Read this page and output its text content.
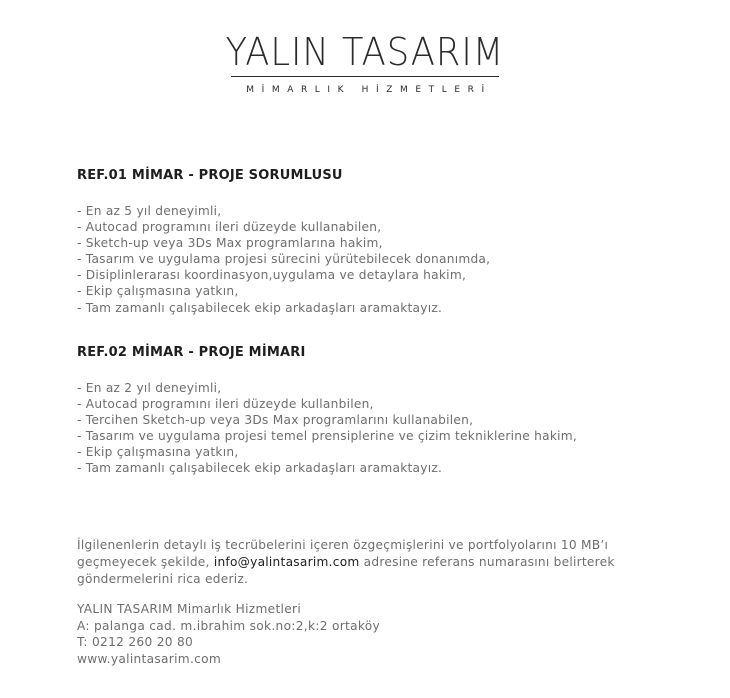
YALIN TASARIM
MİMARLIK HİZMETLERİ
REF.01 MİMAR - PROJE SORUMLUSU
- En az 5 yıl deneyimli,
- Autocad programını ileri düzeyde kullanabilen,
- Sketch-up veya 3Ds Max programlarına hakim,
- Tasarım ve uygulama projesi sürecini yürütebilecek donanımda,
- Disiplinlerarası koordinasyon,uygulama ve detaylara hakim,
- Ekip çalışmasına yatkın,
- Tam zamanlı çalışabilecek ekip arkadaşları aramaktayız.
REF.02 MİMAR - PROJE MİMARI
- En az 2 yıl deneyimli,
- Autocad programını ileri düzeyde kullanbilen,
- Tercihen Sketch-up veya 3Ds Max programlarını kullanabilen,
- Tasarım ve uygulama projesi temel prensiplerine ve çizim tekniklerine hakim,
- Ekip çalışmasına yatkın,
- Tam zamanlı çalışabilecek ekip arkadaşları aramaktayız.

İlgilenenlerin detaylı iş tecrübelerini içeren özgeçmişlerini ve portfolyolarını 10 MB’ı geçmeyecek şekilde, info@yalintasarim.com adresine referans numarasını belirterek göndermelerini rica ederiz.

YALIN TASARIM Mimarlık Hizmetleri
A: palanga cad. m.ibrahim sok.no:2,k:2 ortaköy
T: 0212 260 20 80
www.yalintasarim.com
